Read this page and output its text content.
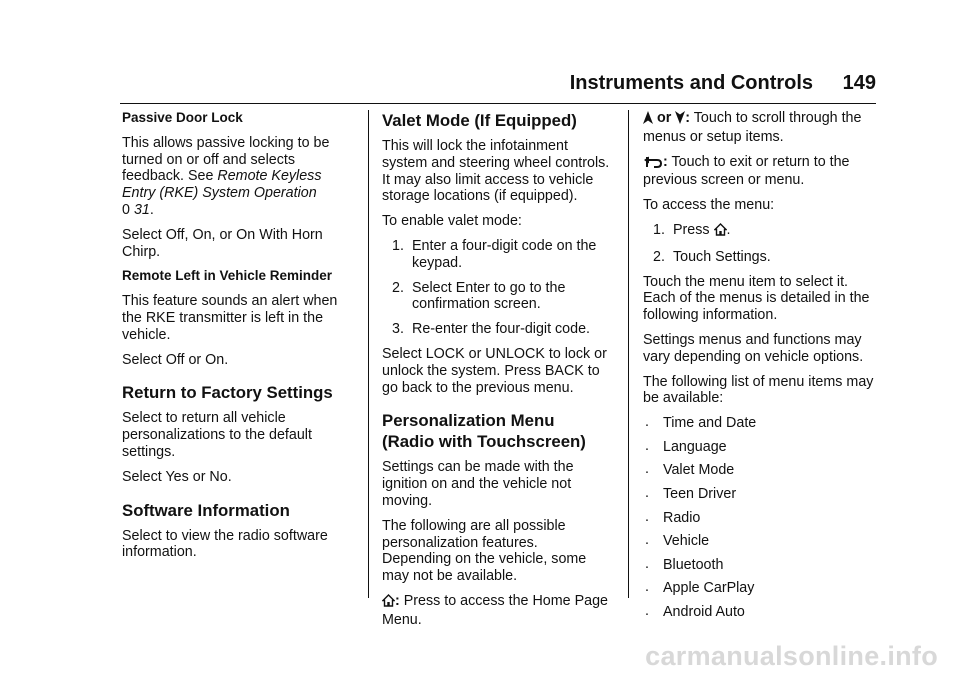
Instruments and Controls 149

Passive Door Lock

This allows passive locking to be turned on or off and selects feedback. See Remote Keyless Entry (RKE) System Operation
0 31.

Select Off, On, or On With Horn Chirp.

Remote Left in Vehicle Reminder

This feature sounds an alert when the RKE transmitter is left in the vehicle.

Select Off or On.

Return to Factory Settings

Select to return all vehicle personalizations to the default settings.

Select Yes or No.

Software Information

Select to view the radio software information.

Valet Mode (If Equipped)

This will lock the infotainment system and steering wheel controls. It may also limit access to vehicle storage locations (if equipped).

To enable valet mode:

1. Enter a four-digit code on the keypad.
2. Select Enter to go to the confirmation screen.
3. Re-enter the four-digit code.

Select LOCK or UNLOCK to lock or unlock the system. Press BACK to go back to the previous menu.

Personalization Menu (Radio with Touchscreen)

Settings can be made with the ignition on and the vehicle not moving.

The following are all possible personalization features. Depending on the vehicle, some may not be available.

: Press to access the Home Page Menu.

or : Touch to scroll through the menus or setup items.

: Touch to exit or return to the previous screen or menu.

To access the menu:

1. Press .
2. Touch Settings.

Touch the menu item to select it. Each of the menus is detailed in the following information.

Settings menus and functions may vary depending on vehicle options.

The following list of menu items may be available:

. Time and Date
. Language
. Valet Mode
. Teen Driver
. Radio
. Vehicle
. Bluetooth
. Apple CarPlay
. Android Auto
carmanualsonline.info
